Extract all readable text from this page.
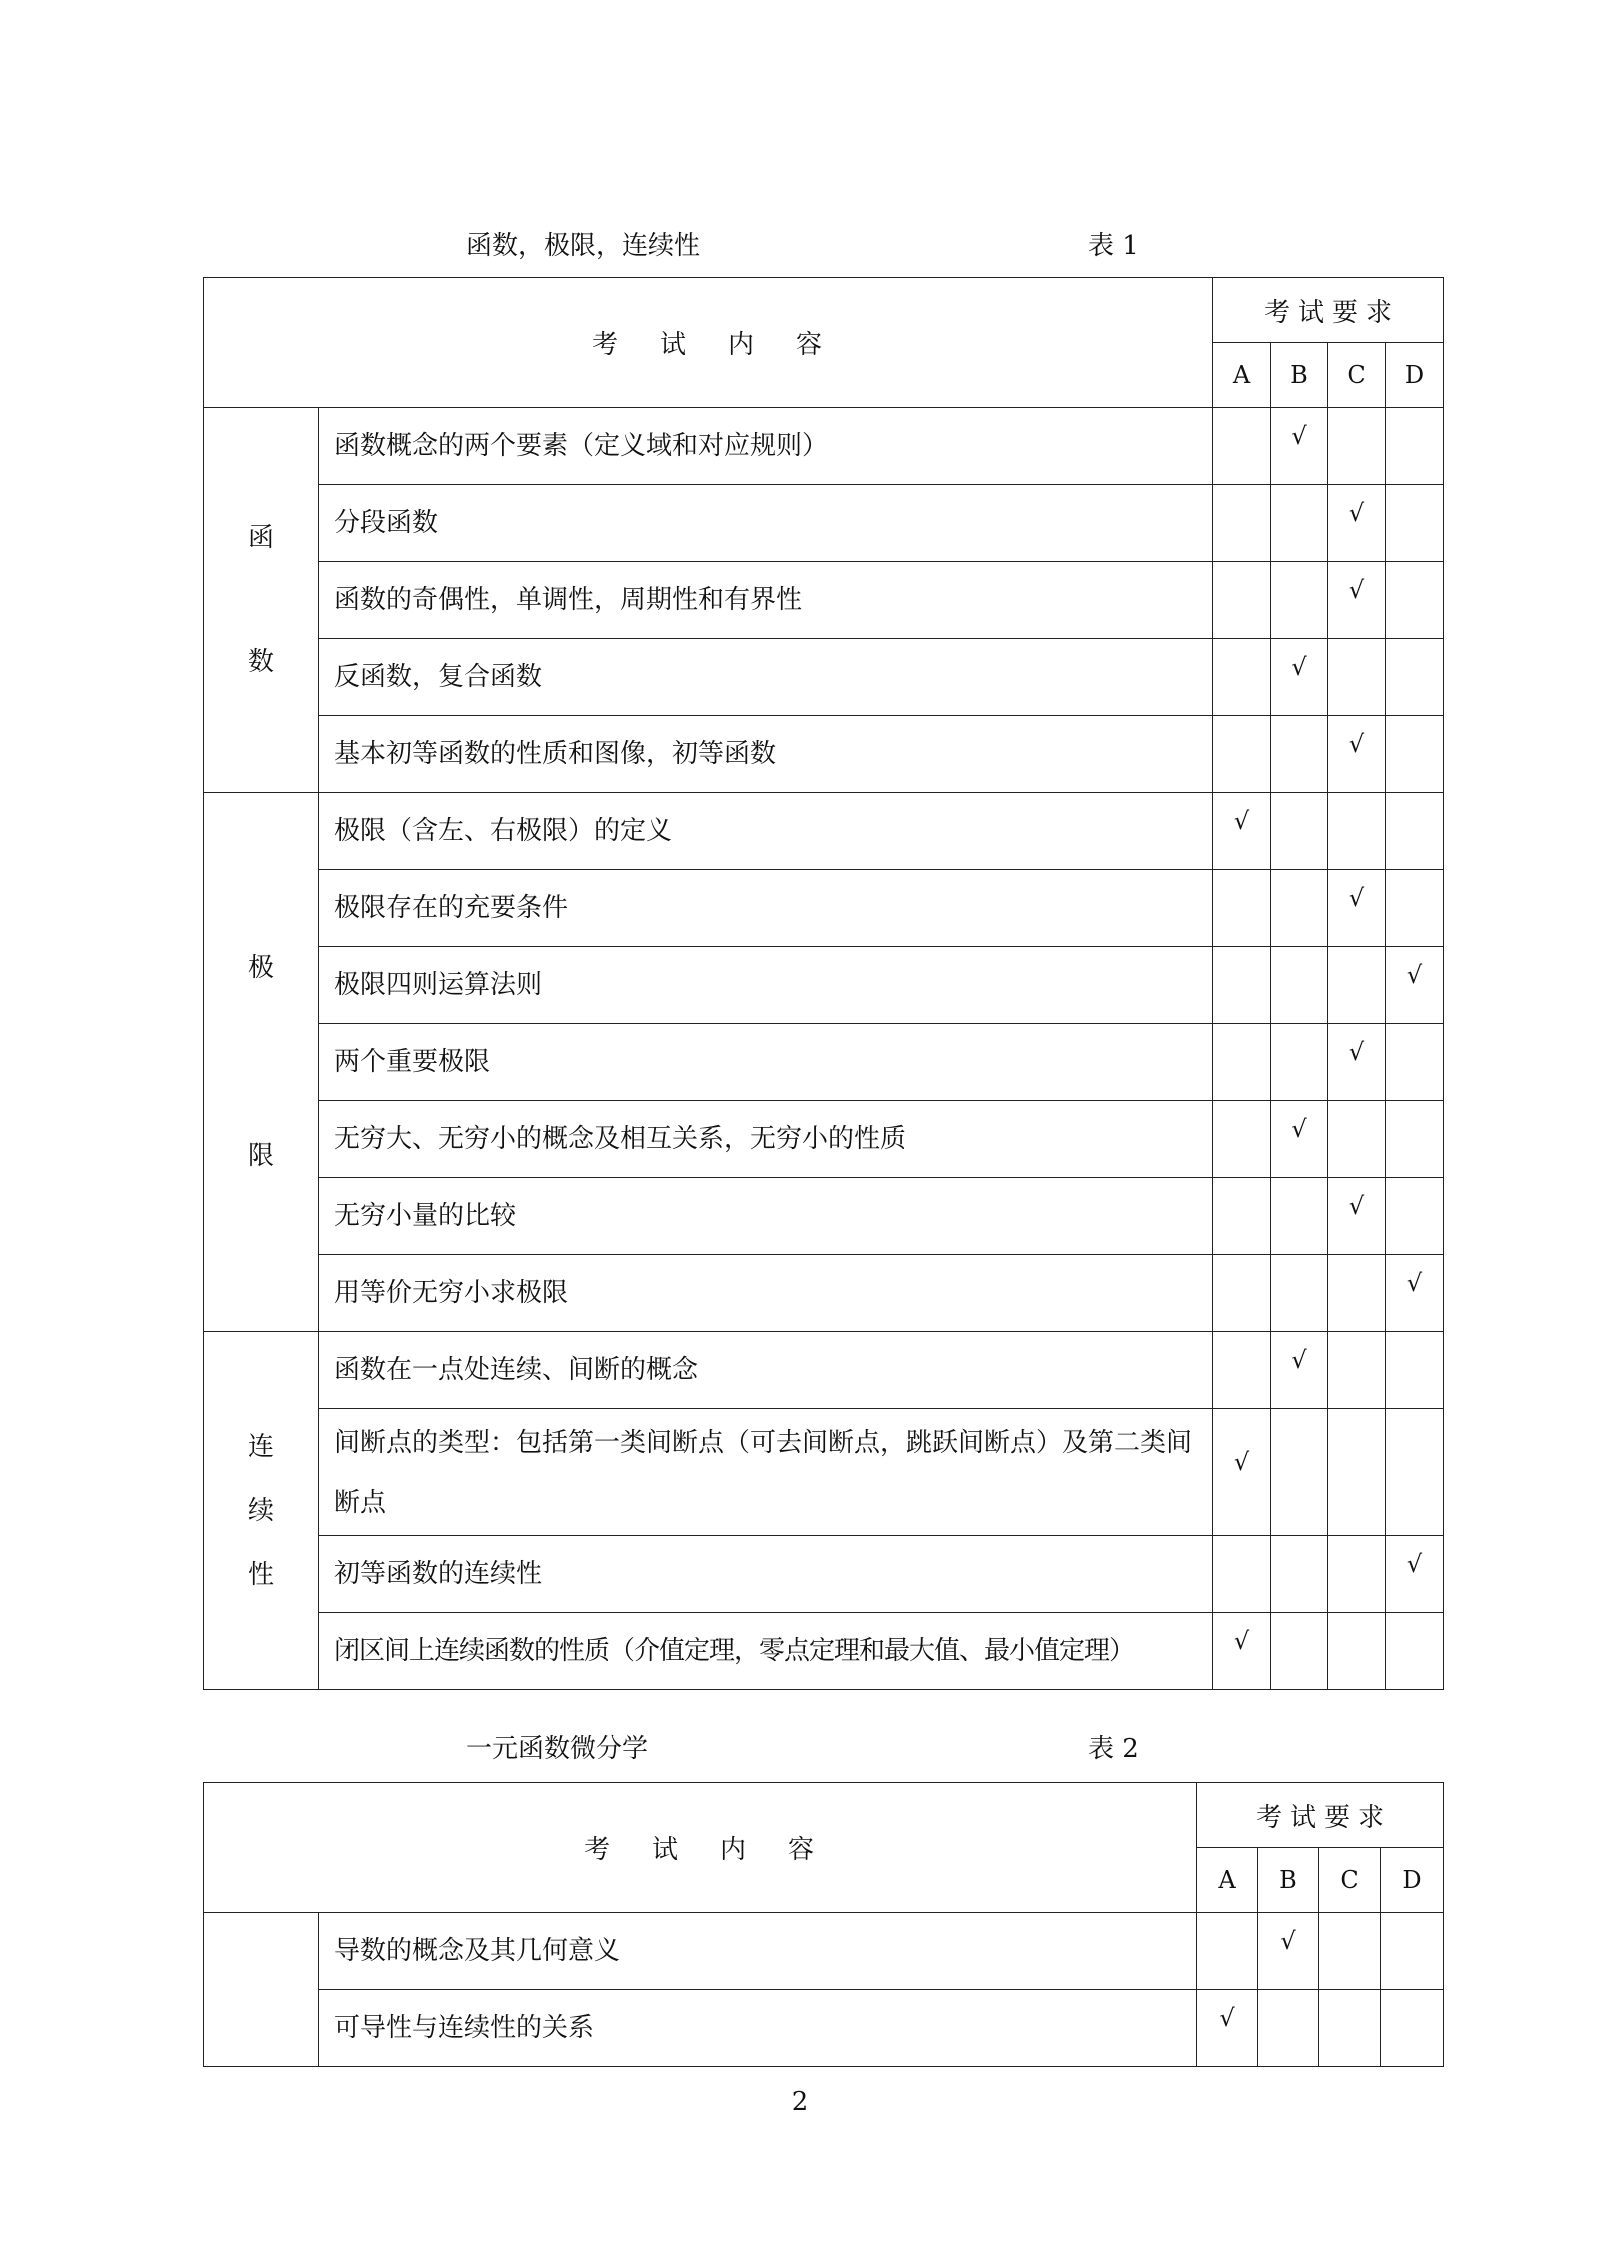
函数，极限，连续性	表 1
考 试 内 容		考 试 要 求			
		A	B	C	D

函
数	函数概念的两个要素（定义域和对应规则）		√		
	分段函数			√	
	函数的奇偶性，单调性，周期性和有界性			√	
	反函数，复合函数		√		
	基本初等函数的性质和图像，初等函数			√	

极
限	极限（含左、右极限）的定义	√			
	极限存在的充要条件			√	
	极限四则运算法则				√
	两个重要极限			√	
	无穷大、无穷小的概念及相互关系，无穷小的性质		√		
	无穷小量的比较			√	
	用等价无穷小求极限				√

连
续
性	函数在一点处连续、间断的概念		√		
	间断点的类型：包括第一类间断点（可去间断点，跳跃间断点）及第二类间断点	√			
	初等函数的连续性				√
	闭区间上连续函数的性质（介值定理，零点定理和最大值、最小值定理）	√			
一元函数微分学	表 2
考 试 内 容		考 试 要 求			
		A	B	C	D
	导数的概念及其几何意义		√		
	可导性与连续性的关系	√			
2
